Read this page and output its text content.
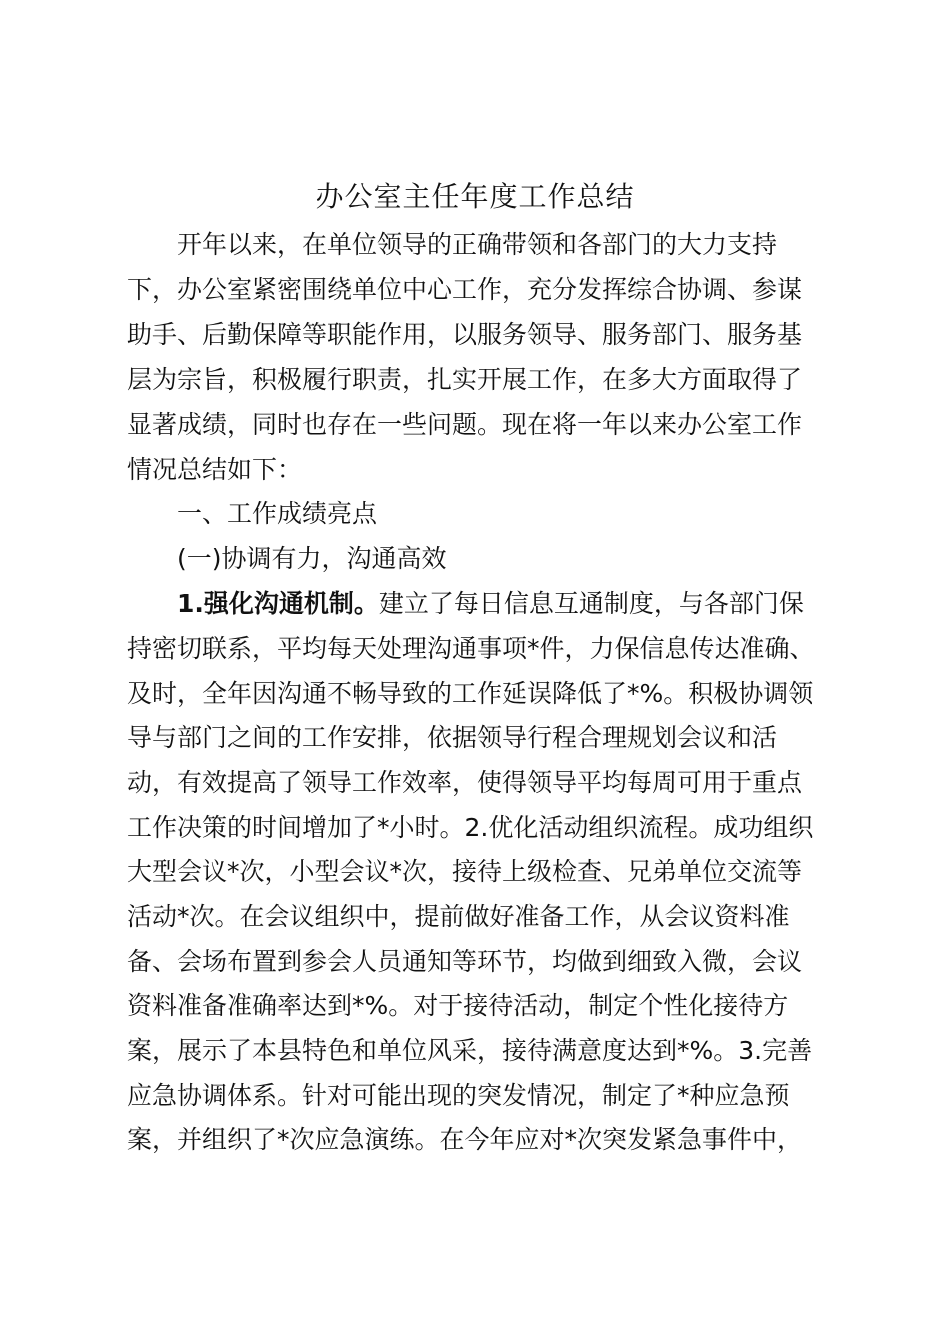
办公室主任年度工作总结
开年以来，在单位领导的正确带领和各部门的大力支持
下，办公室紧密围绕单位中心工作，充分发挥综合协调、参谋
助手、后勤保障等职能作用，以服务领导、服务部门、服务基
层为宗旨，积极履行职责，扎实开展工作，在多大方面取得了
显著成绩，同时也存在一些问题。现在将一年以来办公室工作
情况总结如下：
一、工作成绩亮点
(一)协调有力，沟通高效
1.强化沟通机制。建立了每日信息互通制度，与各部门保
持密切联系，平均每天处理沟通事项*件，力保信息传达准确、
及时，全年因沟通不畅导致的工作延误降低了*%。积极协调领
导与部门之间的工作安排，依据领导行程合理规划会议和活
动，有效提高了领导工作效率，使得领导平均每周可用于重点
工作决策的时间增加了*小时。2.优化活动组织流程。成功组织
大型会议*次，小型会议*次，接待上级检查、兄弟单位交流等
活动*次。在会议组织中，提前做好准备工作，从会议资料准
备、会场布置到参会人员通知等环节，均做到细致入微，会议
资料准备准确率达到*%。对于接待活动，制定个性化接待方
案，展示了本县特色和单位风采，接待满意度达到*%。3.完善
应急协调体系。针对可能出现的突发情况，制定了*种应急预
案，并组织了*次应急演练。在今年应对*次突发紧急事件中，
